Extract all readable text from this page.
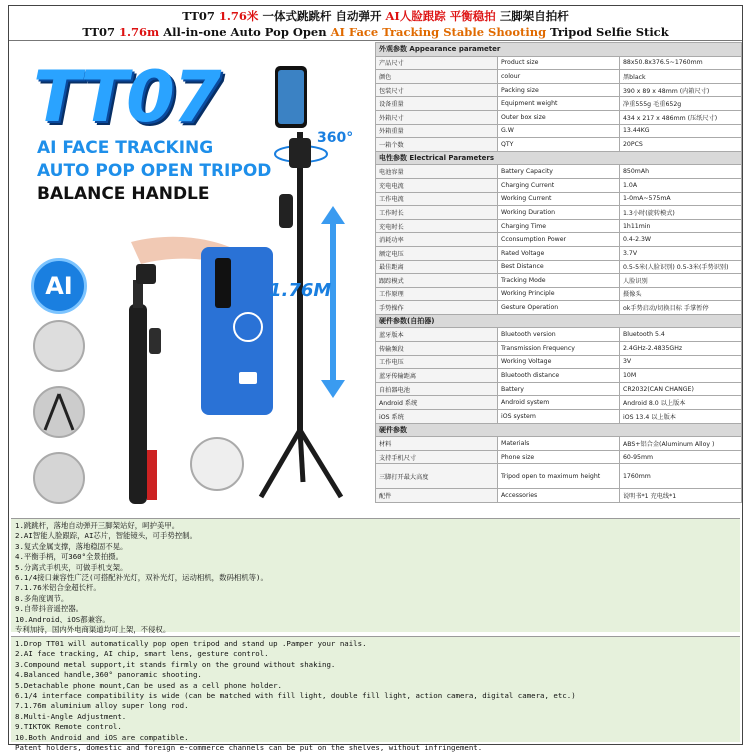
TT07 1.76米 一体式跳跳杆 自动弹开 AI人脸跟踪 平衡稳拍 三脚架自拍杆
TT07 1.76m All-in-one Auto Pop Open AI Face Tracking Stable Shooting Tripod Selfie Stick
TT07
AI FACE TRACKING
AUTO POP OPEN TRIPOD
BALANCE HANDLE
AI
360°
1.76M
外观参数 Appearance parameter		
产品尺寸	Product size	88x50.8x376.5~1760mm
颜色	colour	黑black
包装尺寸	Packing size	390 x 89 x 48mm (内箱尺寸)
设备重量	Equipment weight	净重555g 毛重652g
外箱尺寸	Outer box size	434 x 217 x 486mm (压纸尺寸)
外箱重量	G.W	13.44KG
一箱个数	QTY	20PCS
电性参数 Electrical Parameters		
电池容量	Battery Capacity	850mAh
充电电流	Charging Current	1.0A
工作电流	Working Current	1-0mA~575mA
工作时长	Working Duration	1.3小时(旋转模式)
充电时长	Charging Time	1h11min
消耗功率	Cconsumption Power	0.4-2.3W
额定电压	Rated Voltage	3.7V
最佳距离	Best Distance	0.5-5米(人脸识别) 0.5-3米(手势识别)
跟踪模式	Tracking Mode	人脸识别
工作原理	Working Principle	摄像头
手势操作	Gesture Operation	ok手势启动/切换目标 手掌暂停
硬件参数(自拍器)		
蓝牙版本	Bluetooth version	Bluetooth 5.4
传输频段	Transmission Frequency	2.4GHz-2.4835GHz
工作电压	Working Voltage	3V
蓝牙传输距离	Bluetooth distance	10M
自拍器电池	Battery	CR2032(CAN CHANGE)
Android 系统	Android system	Android 8.0 以上版本
iOS 系统	iOS system	iOS 13.4 以上版本
硬件参数		
材料	Materials	ABS+铝合金(Aluminum Alloy )
支持手机尺寸	Phone size	60-95mm
三脚打开最大高度	Tripod open to maximum height	1760mm
配件	Accessories	说明书*1 充电线*1
1.跳跳杆，落地自动弹开三脚架站好，呵护美甲。
2.AI智能人脸跟踪，AI芯片，智能镜头，可手势控制。
3.复式金属支撑，落地稳固不晃。
4.平衡手柄，可360°全景拍摄。
5.分离式手机夹，可做手机支架。
6.1/4接口兼容性广泛(可搭配补光灯，双补光灯，运动相机，数码相机等)。
7.1.76米铝合金超长杆。
8.多角度调节。
9.自带抖音遥控器。
10.Android、iOS都兼容。
专利加持，国内外电商渠道均可上架，不侵权。
1.Drop TT01 will automatically pop open tripod and stand up .Pamper your nails.
2.AI face tracking, AI chip, smart lens, gesture control.
3.Compound metal support,it stands firmly on the ground without shaking.
4.Balanced handle,360° panoramic shooting.
5.Detachable phone mount,Can be used as a cell phone holder.
6.1/4 interface compatibility is wide (can be matched with fill light, double fill light, action camera, digital camera, etc.)
7.1.76m aluminium alloy super long rod.
8.Multi-Angle Adjustment.
9.TIKTOK Remote control.
10.Both Android and iOS are compatible.
Patent holders, domestic and foreign e-commerce channels can be put on the shelves, without infringement.
